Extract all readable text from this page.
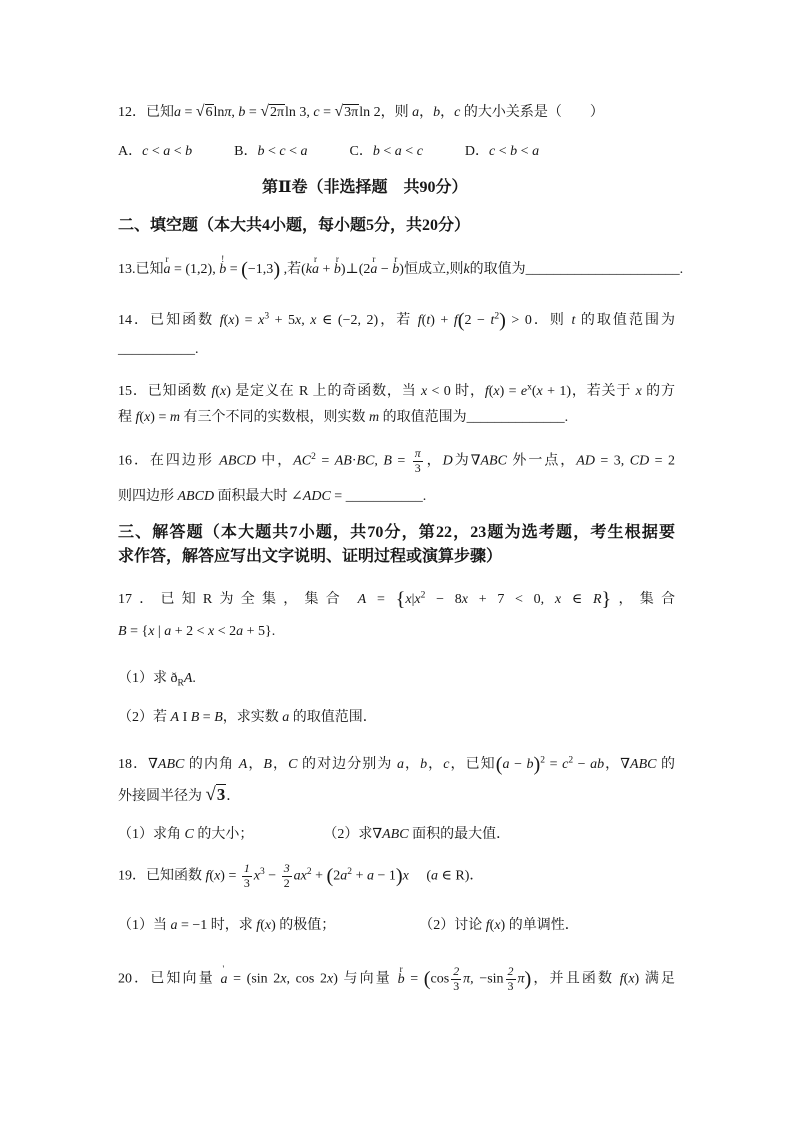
12．已知a = √6lnπ, b = √2πln 3, c = √3πln 2，则 a，b，c 的大小关系是（　　）
A．c < a < b　　　B．b < c < a　　　C．b < a < c　　　D．c < b < a
第Ⅱ卷（非选择题　共90分）
二、填空题（本大共4小题，每小题5分，共20分）
13.已知
r
a = (1,2),
!
b = (−1,3) ,若(k
r
a +
r
b)⊥(2
r
a −
r
b)恒成立,则k的取值为______________________.
14．已知函数 $f(x) = x^3 + 5x$, x ∈ (−2, 2)，若 $f(t) + f(2 - t^2) > 0$．则 t 的取值范围为
___________.
15．已知函数 f(x) 是定义在 R 上的奇函数，当 x < 0 时，$f(x) = e^x(x + 1)$，若关于 x 的方
程 f(x) = m 有三个不同的实数根，则实数 m 的取值范围为______________.
16．在四边形 ABCD 中，$AC^2 = AB\cdot BC$, $B = \frac{\pi}{3}$ ，D为∇ABC 外一点，AD = 3, CD = 2
则四边形 ABCD 面积最大时 ∠ADC = ___________.
三、解答题（本大题共7小题，共70分，第22，23题为选考题，考生根据要
求作答，解答应写出文字说明、证明过程或演算步骤）
17．已知R为全集，集合 $A = \{x|x^2 - 8x + 7 < 0$, x ∈ R}，集合
B = {x | a + 2 < x < 2a + 5}.
（1）求 $ð_RA$.
（2）若 A I B = B，求实数 a 的取值范围．
18．∇ABC 的内角 A，B，C 的对边分别为 a，b，c，已知$(a - b)^2 = c^2$ − ab，∇ABC 的
外接圆半径为 √3．
（1）求角 C 的大小；　　　　　　（2）求∇ABC 面积的最大值．
19．已知函数 $f(x) = \frac{1}{3} x^3 - \frac{3}{2} ax^2 + (2a^2 + a - 1)x$　 (a ∈ R)．
（1）当 a = −1 时，求 f(x) 的极值；　　　　　　　（2）讨论 f(x) 的单调性．
20．已知向量
'
a = (sin 2x, cos 2x) 与向量
r
$b = (\cos \frac{2}{3} \pi$, $-\sin \frac{2}{3} \pi$)，并且函数 f(x) 满足
